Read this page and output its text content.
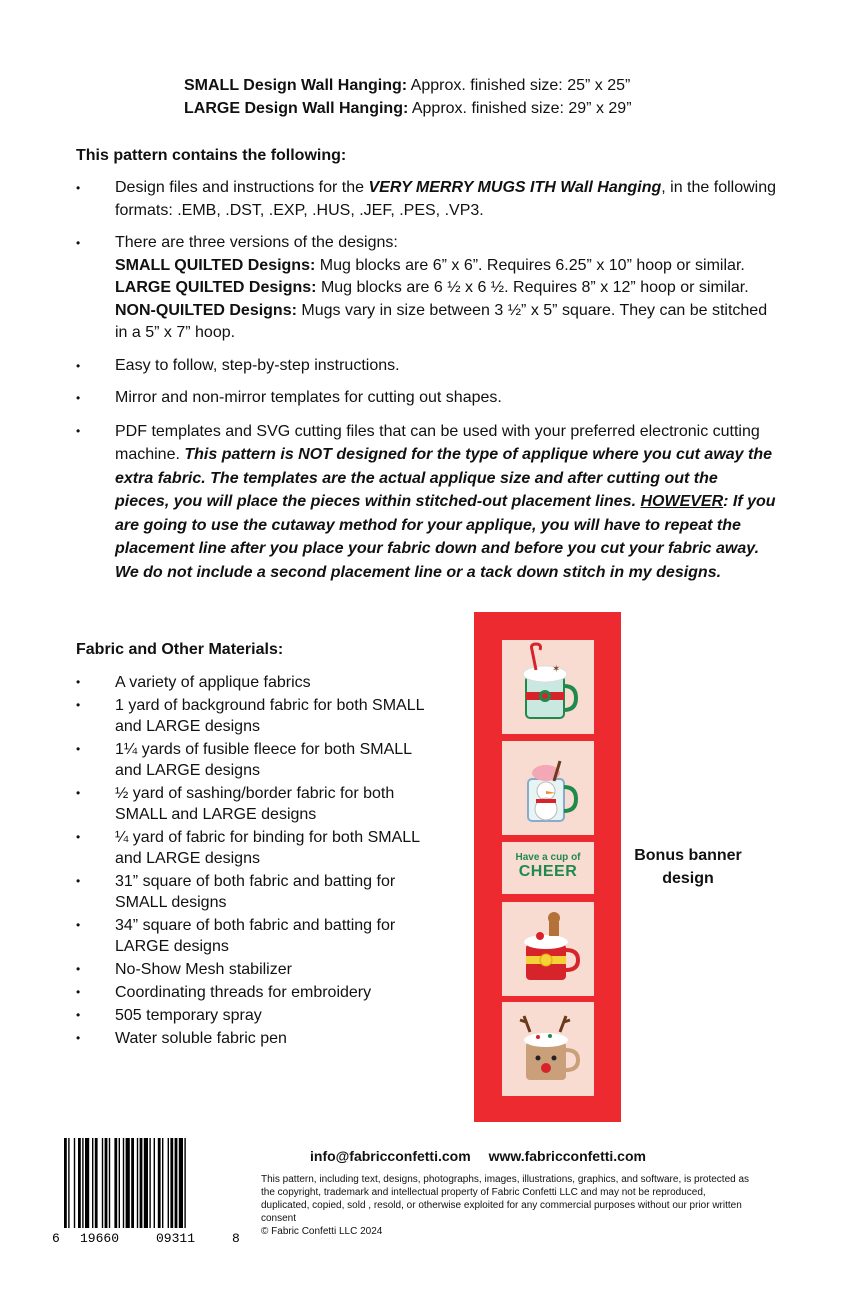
SMALL Design Wall Hanging: Approx. finished size: 25” x 25”
LARGE Design Wall Hanging: Approx. finished size: 29” x 29”
This pattern contains the following:
• Design files and instructions for the VERY MERRY MUGS ITH Wall Hanging, in the following formats: .EMB, .DST, .EXP, .HUS, .JEF, .PES, .VP3.

• There are three versions of the designs:

SMALL QUILTED Designs: Mug blocks are 6” x 6”. Requires 6.25” x 10” hoop or similar.

LARGE QUILTED Designs: Mug blocks are 6 ½ x 6 ½. Requires 8” x 12” hoop or similar.

NON-QUILTED Designs: Mugs vary in size between 3 ½” x 5” square. They can be stitched in a 5” x 7” hoop.

• Easy to follow, step-by-step instructions.

• Mirror and non-mirror templates for cutting out shapes.

• PDF templates and SVG cutting files that can be used with your preferred electronic cutting machine. This pattern is NOT designed for the type of applique where you cut away the extra fabric. The templates are the actual applique size and after cutting out the pieces, you will place the pieces within stitched-out placement lines. HOWEVER: If you are going to use the cutaway method for your applique, you will have to repeat the placement line after you place your fabric down and before you cut your fabric away. We do not include a second placement line or a tack down stitch in my designs.

Fabric and Other Materials:
• A variety of applique fabrics

• 1 yard of background fabric for both SMALL and LARGE designs

• 1¼ yards of fusible fleece for both SMALL and LARGE designs

• ½ yard of sashing/border fabric for both SMALL and LARGE designs

• ¼ yard of fabric for binding for both SMALL and LARGE designs

• 31” square of both fabric and batting for SMALL designs

• 34” square of both fabric and batting for LARGE designs

• No-Show Mesh stabilizer

• Coordinating threads for embroidery

• 505 temporary spray

• Water soluble fabric pen

✶
Have a cup of
CHEER
Bonus banner design
6 19660	09311	8
info@fabricconfetti.com www.fabricconfetti.com
This pattern, including text, designs, photographs, images, illustrations, graphics, and software, is protected as the copyright, trademark and intellectual property of Fabric Confetti LLC and may not be reproduced, duplicated, copied, sold , resold, or otherwise exploited for any commercial purposes without our prior written consent
© Fabric Confetti LLC 2024
